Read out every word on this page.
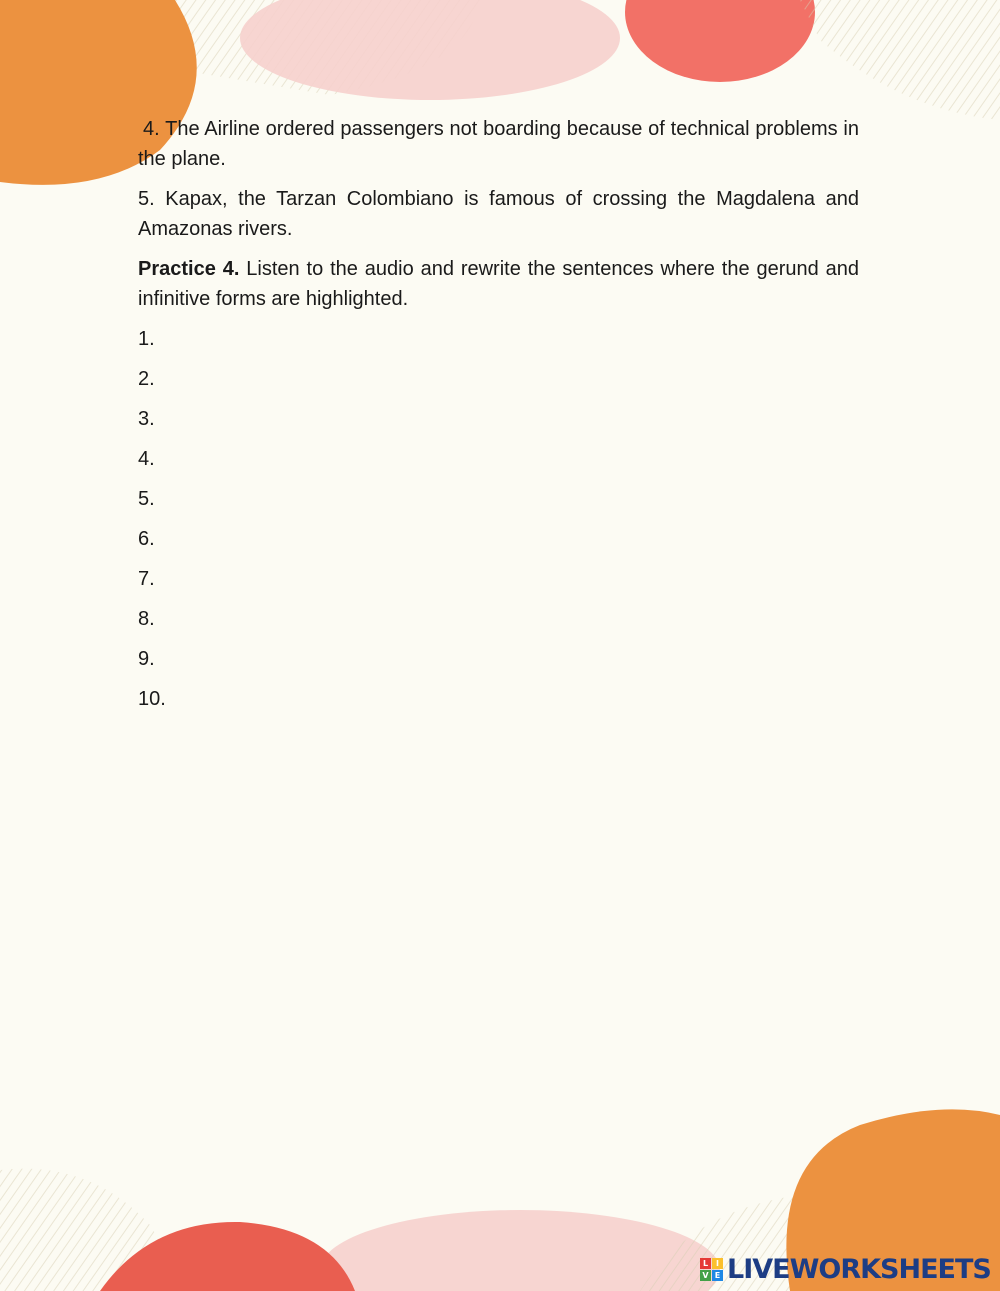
4. The Airline ordered passengers not boarding because of technical problems in the plane.

5. Kapax, the Tarzan Colombiano is famous of crossing the Magdalena and Amazonas rivers.

Practice 4. Listen to the audio and rewrite the sentences where the gerund and infinitive forms are highlighted.

1.
2.
3.
4.
5.
6.
7.
8.
9.
10.
L I
V E LIVEWORKSHEETS
